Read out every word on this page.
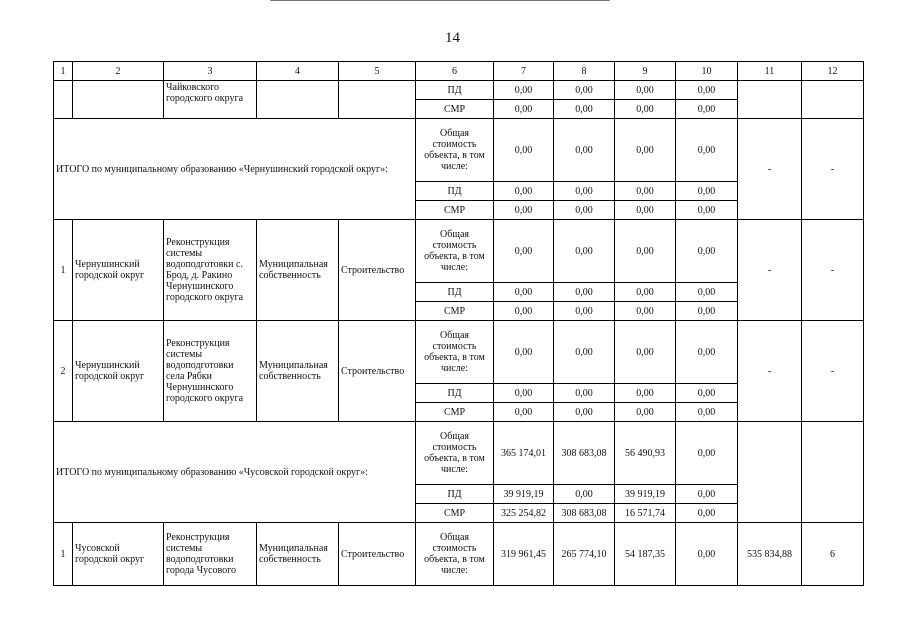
14
1	2	3	4	5	6	7	8	9	10	11	12
		Чайковского городского округа			ПД	0,00	0,00	0,00	0,00		
					СМР	0,00	0,00	0,00	0,00		
ИТОГО по муниципальному образованию «Чернушинский городской округ»:					Общая стоимость объекта, в том числе:	0,00	0,00	0,00	0,00	-	-
					ПД	0,00	0,00	0,00	0,00		
					СМР	0,00	0,00	0,00	0,00		
1	Чернушинский городской округ	Реконструкция системы водоподготовки с. Брод, д. Ракино Чернушинского городского округа	Муниципальная собственность	Строительство	Общая стоимость объекта, в том числе:	0,00	0,00	0,00	0,00	-	-
					ПД	0,00	0,00	0,00	0,00		
					СМР	0,00	0,00	0,00	0,00		
2	Чернушинский городской округ	Реконструкция системы водоподготовки села Рябки Чернушинского городского округа	Муниципальная собственность	Строительство	Общая стоимость объекта, в том числе:	0,00	0,00	0,00	0,00	-	-
					ПД	0,00	0,00	0,00	0,00		
					СМР	0,00	0,00	0,00	0,00		
ИТОГО по муниципальному образованию «Чусовской городской округ»:					Общая стоимость объекта, в том числе:	365 174,01	308 683,08	56 490,93	0,00		
					ПД	39 919,19	0,00	39 919,19	0,00		
					СМР	325 254,82	308 683,08	16 571,74	0,00		
1	Чусовской городской округ	Реконструкция системы водоподготовки города Чусового	Муниципальная собственность	Строительство	Общая стоимость объекта, в том числе:	319 961,45	265 774,10	54 187,35	0,00	535 834,88	6
